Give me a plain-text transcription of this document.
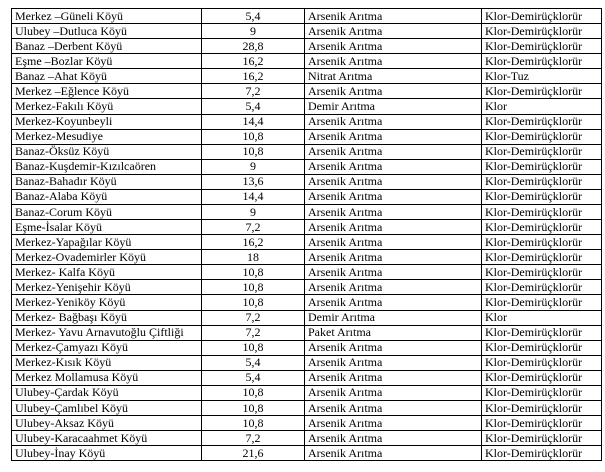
Merkez –Güneli Köyü	5,4	Arsenik Arıtma	Klor-Demirüçklorür
Ulubey –Dutluca Köyü	9	Arsenik Arıtma	Klor-Demirüçklorür
Banaz –Derbent Köyü	28,8	Arsenik Arıtma	Klor-Demirüçklorür
Eşme –Bozlar Köyü	16,2	Arsenik Arıtma	Klor-Demirüçklorür
Banaz –Ahat Köyü	16,2	Nitrat Arıtma	Klor-Tuz
Merkez –Eğlence Köyü	7,2	Arsenik Arıtma	Klor-Demirüçklorür
Merkez-Fakılı Köyü	5,4	Demir Arıtma	Klor
Merkez-Koyunbeyli	14,4	Arsenik Arıtma	Klor-Demirüçklorür
Merkez-Mesudiye	10,8	Arsenik Arıtma	Klor-Demirüçklorür
Banaz-Öksüz Köyü	10,8	Arsenik Arıtma	Klor-Demirüçklorür
Banaz-Kuşdemir-Kızılcaören	9	Arsenik Arıtma	Klor-Demirüçklorür
Banaz-Bahadır Köyü	13,6	Arsenik Arıtma	Klor-Demirüçklorür
Banaz-Alaba Köyü	14,4	Arsenik Arıtma	Klor-Demirüçklorür
Banaz-Corum Köyü	9	Arsenik Arıtma	Klor-Demirüçklorür
Eşme-İsalar Köyü	7,2	Arsenik Arıtma	Klor-Demirüçklorür
Merkez-Yapağılar Köyü	16,2	Arsenik Arıtma	Klor-Demirüçklorür
Merkez-Ovademirler Köyü	18	Arsenik Arıtma	Klor-Demirüçklorür
Merkez- Kalfa Köyü	10,8	Arsenik Arıtma	Klor-Demirüçklorür
Merkez-Yenişehir Köyü	10,8	Arsenik Arıtma	Klor-Demirüçklorür
Merkez-Yeniköy Köyü	10,8	Arsenik Arıtma	Klor-Demirüçklorür
Merkez- Bağbaşı Köyü	7,2	Demir Arıtma	Klor
Merkez- Yavu Arnavutoğlu Çiftliği	7,2	Paket Arıtma	Klor-Demirüçklorür
Merkez-Çamyazı Köyü	10,8	Arsenik Arıtma	Klor-Demirüçklorür
Merkez-Kısık Köyü	5,4	Arsenik Arıtma	Klor-Demirüçklorür
Merkez Mollamusa Köyü	5,4	Arsenik Arıtma	Klor-Demirüçklorür
Ulubey-Çardak Köyü	10,8	Arsenik Arıtma	Klor-Demirüçklorür
Ulubey-Çamlıbel Köyü	10,8	Arsenik Arıtma	Klor-Demirüçklorür
Ulubey-Aksaz Köyü	10,8	Arsenik Arıtma	Klor-Demirüçklorür
Ulubey-Karacaahmet Köyü	7,2	Arsenik Arıtma	Klor-Demirüçklorür
Ulubey-İnay Köyü	21,6	Arsenik Arıtma	Klor-Demirüçklorür
